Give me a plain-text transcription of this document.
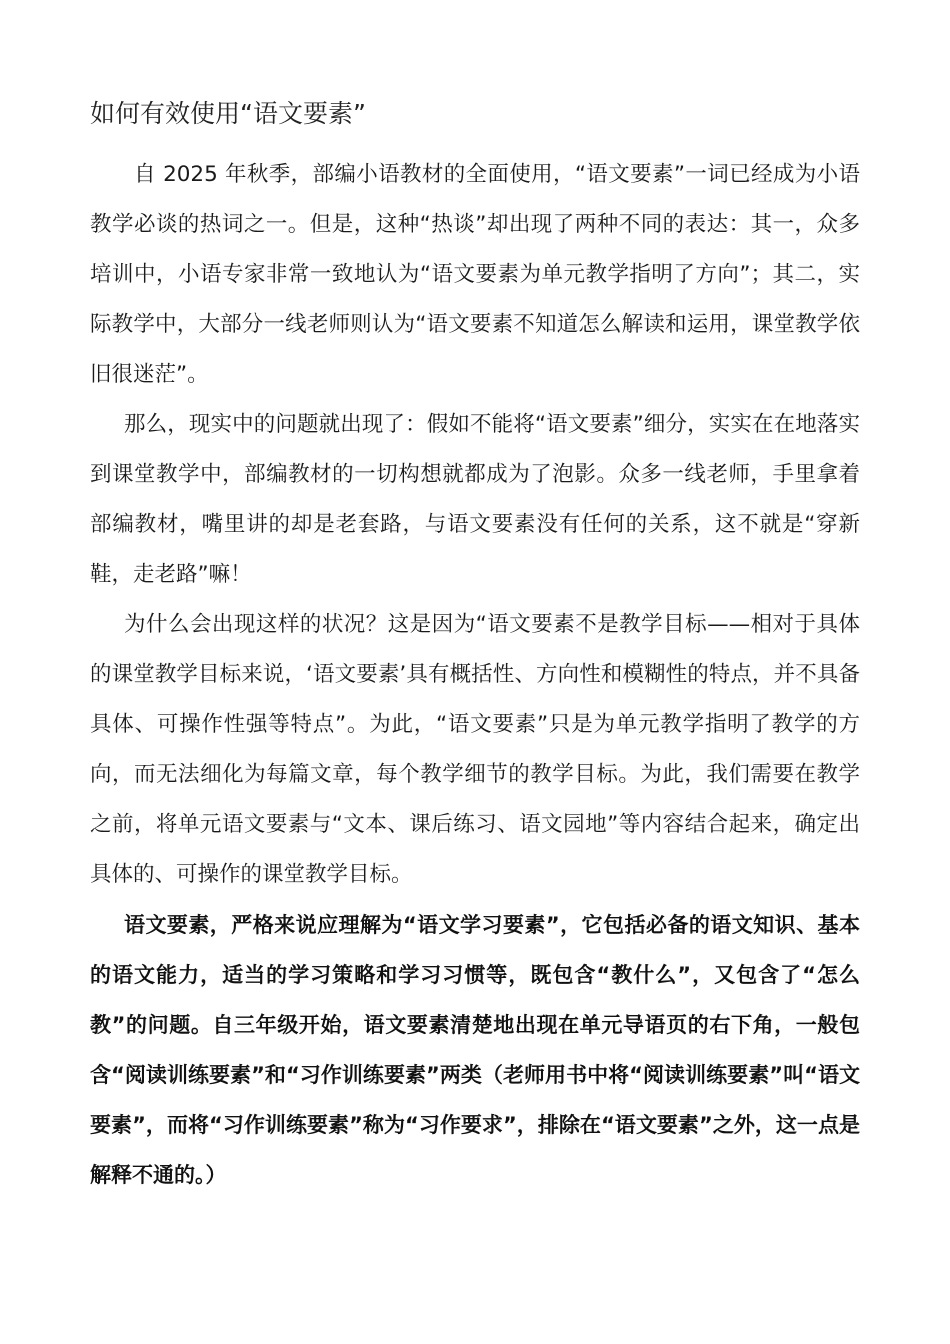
如何有效使用“语文要素”

自 2025 年秋季，部编小语教材的全面使用，“语文要素”一词已经成为小语教学必谈的热词之一。但是，这种“热谈”却出现了两种不同的表达：其一，众多培训中，小语专家非常一致地认为“语文要素为单元教学指明了方向”；其二，实际教学中，大部分一线老师则认为“语文要素不知道怎么解读和运用，课堂教学依旧很迷茫”。

那么，现实中的问题就出现了：假如不能将“语文要素”细分，实实在在地落实到课堂教学中，部编教材的一切构想就都成为了泡影。众多一线老师，手里拿着部编教材，嘴里讲的却是老套路，与语文要素没有任何的关系，这不就是“穿新鞋，走老路”嘛！

为什么会出现这样的状况？这是因为“语文要素不是教学目标——相对于具体的课堂教学目标来说，‘语文要素’具有概括性、方向性和模糊性的特点，并不具备具体、可操作性强等特点”。为此，“语文要素”只是为单元教学指明了教学的方向，而无法细化为每篇文章，每个教学细节的教学目标。为此，我们需要在教学之前，将单元语文要素与“文本、课后练习、语文园地”等内容结合起来，确定出具体的、可操作的课堂教学目标。

语文要素，严格来说应理解为“语文学习要素”，它包括必备的语文知识、基本的语文能力，适当的学习策略和学习习惯等，既包含“教什么”，又包含了“怎么教”的问题。自三年级开始，语文要素清楚地出现在单元导语页的右下角，一般包含“阅读训练要素”和“习作训练要素”两类（老师用书中将“阅读训练要素”叫“语文要素”，而将“习作训练要素”称为“习作要求”，排除在“语文要素”之外，这一点是解释不通的。）
